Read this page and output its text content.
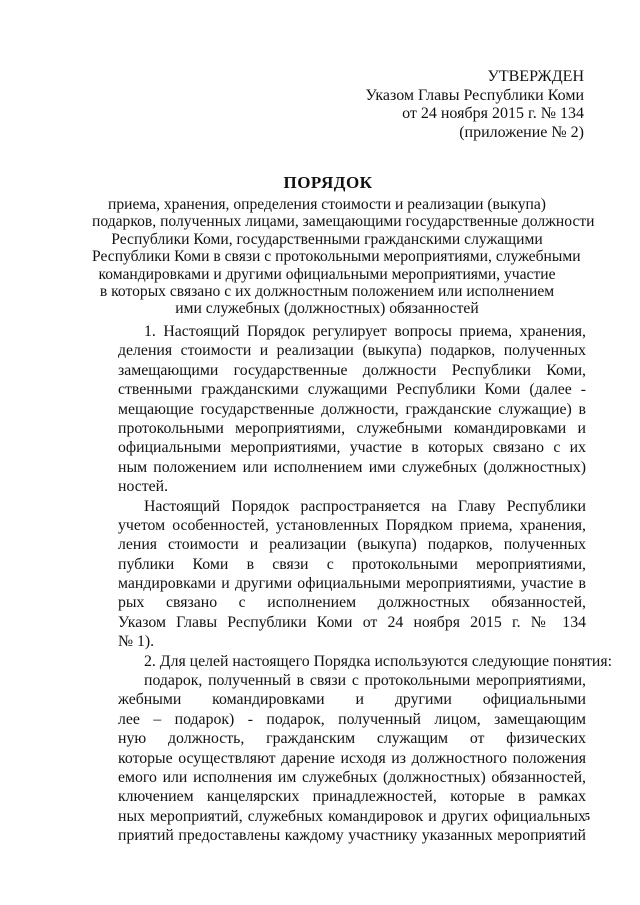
УТВЕРЖДЕН
Указом Главы Республики Коми
от 24 ноября 2015 г. № 134
(приложение № 2)
ПОРЯДОК
приема, хранения, определения стоимости и реализации (выкупа)
подарков, полученных лицами, замещающими государственные должности
Республики Коми, государственными гражданскими служащими
Республики Коми в связи с протокольными мероприятиями, служебными
командировками и другими официальными мероприятиями, участие
в которых связано с их должностным положением или исполнением
ими служебных (должностных) обязанностей
1. Настоящий Порядок регулирует вопросы приема, хранения,
деления стоимости и реализации (выкупа) подарков, полученных
замещающими государственные должности Республики Коми,
ственными гражданскими служащими Республики Коми (далее -
мещающие государственные должности, гражданские служащие) в
протокольными мероприятиями, служебными командировками и
официальными мероприятиями, участие в которых связано с их
ным положением или исполнением ими служебных (должностных)
ностей.
Настоящий Порядок распространяется на Главу Республики
учетом особенностей, установленных Порядком приема, хранения,
ления стоимости и реализации (выкупа) подарков, полученных
публики Коми в связи с протокольными мероприятиями,
мандировками и другими официальными мероприятиями, участие в
рых связано с исполнением должностных обязанностей,
Указом Главы Республики Коми от 24 ноября 2015 г. № 134
№ 1).
2. Для целей настоящего Порядка используются следующие понятия:
подарок, полученный в связи с протокольными мероприятиями,
жебными командировками и другими официальными
лее – подарок) - подарок, полученный лицом, замещающим
ную должность, гражданским служащим от физических
которые осуществляют дарение исходя из должностного положения
емого или исполнения им служебных (должностных) обязанностей,
ключением канцелярских принадлежностей, которые в рамках
ных мероприятий, служебных командировок и других официальных
приятий предоставлены каждому участнику указанных мероприятий
5
